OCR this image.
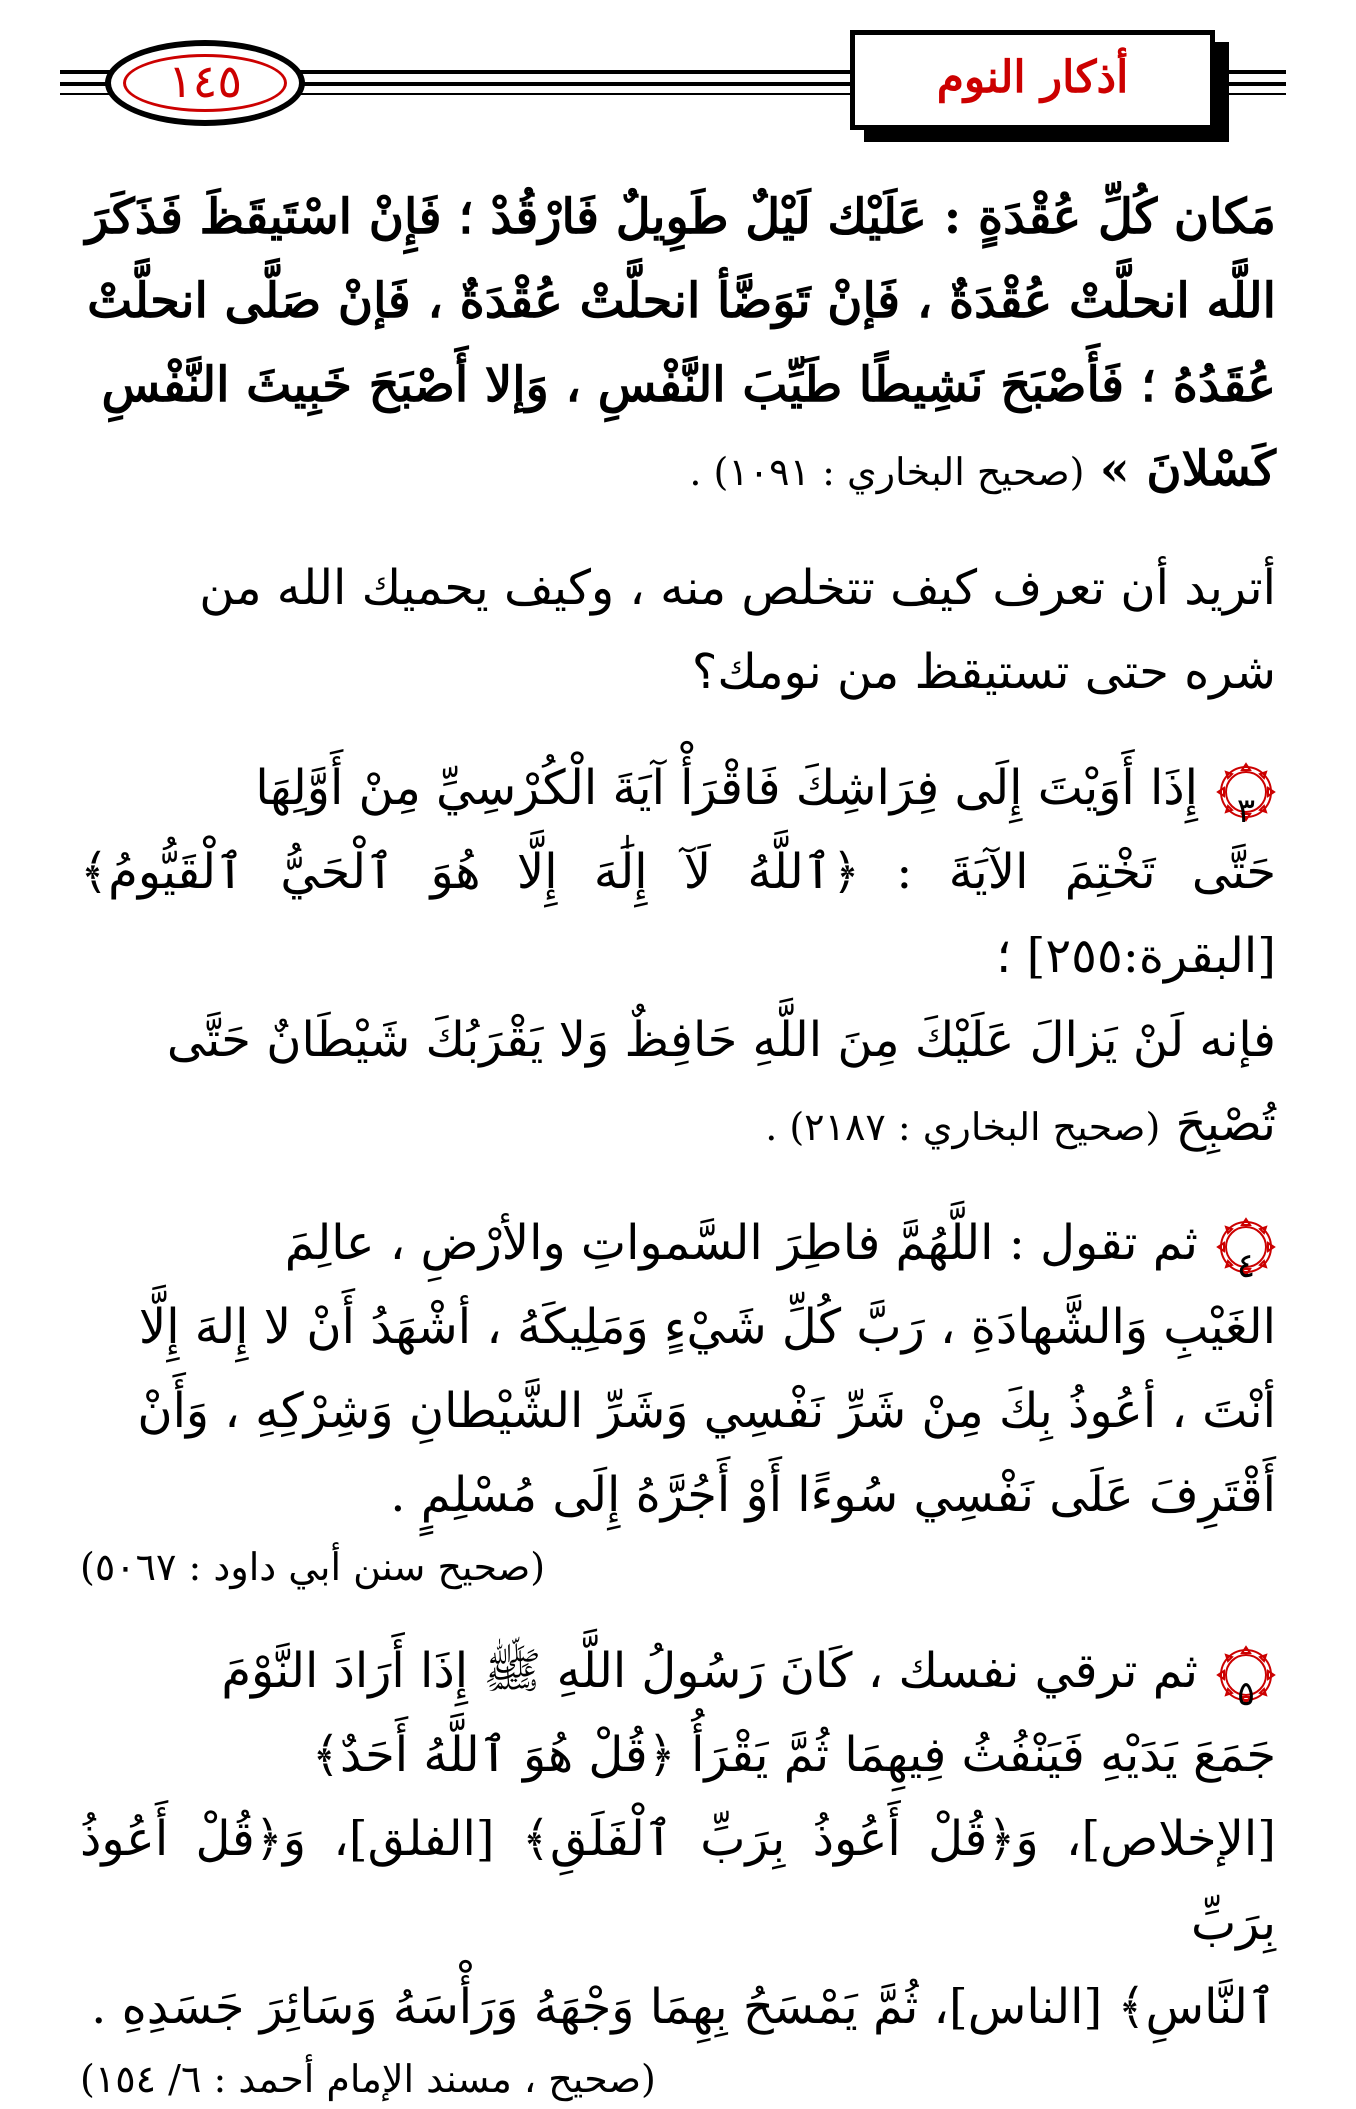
١٤٥	أذكار النوم

مَكان كُلِّ عُقْدَةٍ : عَلَيْك لَيْلٌ طَوِيلٌ فَارْقُدْ ؛ فَإِنْ اسْتَيقَظَ فَذَكَرَ

اللَّه انحلَّتْ عُقْدَةٌ ، فَإنْ تَوَضَّأ انحلَّتْ عُقْدَةٌ ، فَإنْ صَلَّى انحلَّتْ

عُقَدُهُ ؛ فَأَصْبَحَ نَشِيطًا طَيِّبَ النَّفْسِ ، وَإلا أَصْبَحَ خَبِيثَ النَّفْسِ

كَسْلانَ » (صحيح البخاري : ١٠٩١) .

أتريد أن تعرف كيف تتخلص منه ، وكيف يحميك الله من

شره حتى تستيقظ من نومك؟

٣
إِذَا أَوَيْتَ إِلَى فِرَاشِكَ فَاقْرَأْ آيَةَ الْكُرْسِيِّ مِنْ أَوَّلِهَا

حَتَّى تَخْتِمَ الآيَةَ : ﴿ٱللَّهُ لَآ إِلَٰهَ إِلَّا هُوَ ٱلْحَيُّ ٱلْقَيُّومُ﴾[البقرة:٢٥٥] ؛

فإنه لَنْ يَزالَ عَلَيْكَ مِنَ اللَّهِ حَافِظٌ وَلا يَقْرَبُكَ شَيْطَانٌ حَتَّى

تُصْبِحَ (صحيح البخاري : ٢١٨٧) .

٤
ثم تقول : اللَّهُمَّ فاطِرَ السَّمواتِ والأرْضِ ، عالِمَ

الغَيْبِ وَالشَّهادَةِ ، رَبَّ كُلِّ شَيْءٍ وَمَلِيكَهُ ، أشْهَدُ أَنْ لا إِلهَ إِلَّا

أنْتَ ، أعُوذُ بِكَ مِنْ شَرِّ نَفْسِي وَشَرِّ الشَّيْطانِ وَشِرْكِهِ ، وَأَنْ

أَقْتَرِفَ عَلَى نَفْسِي سُوءًا أَوْ أَجُرَّهُ إِلَى مُسْلِمٍ .

(صحيح سنن أبي داود : ٥٠٦٧)

٥
ثم ترقي نفسك ، كَانَ رَسُولُ اللَّهِ ﷺ إِذَا أَرَادَ النَّوْمَ

جَمَعَ يَدَيْهِ فَيَنْفُثُ فِيهِمَا ثُمَّ يَقْرَأُ ﴿قُلْ هُوَ ٱللَّهُ أَحَدٌ﴾

[الإخلاص]، وَ﴿قُلْ أَعُوذُ بِرَبِّ ٱلْفَلَقِ﴾ [الفلق]، وَ﴿قُلْ أَعُوذُ بِرَبِّ

ٱلنَّاسِ﴾ [الناس]، ثُمَّ يَمْسَحُ بِهِمَا وَجْهَهُ وَرَأْسَهُ وَسَائِرَ جَسَدِهِ .

(صحيح ، مسند الإمام أحمد : ٦/ ١٥٤)
